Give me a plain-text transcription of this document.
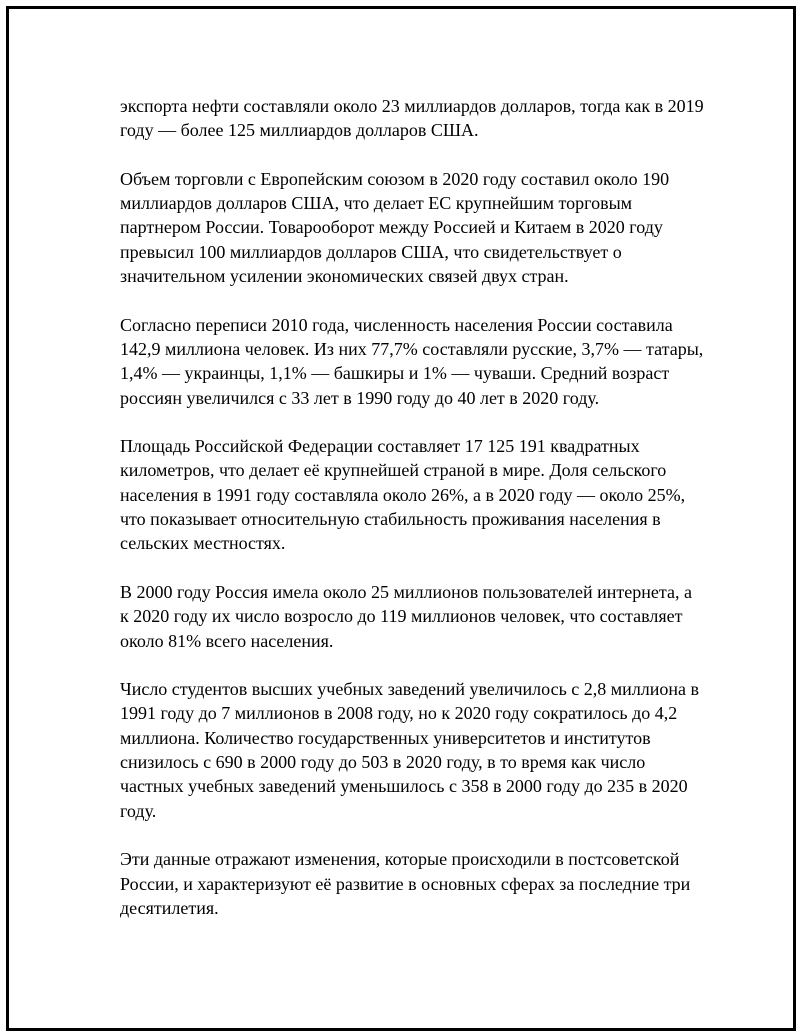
экспорта нефти составляли около 23 миллиардов долларов, тогда как в 2019 году — более 125 миллиардов долларов США.

Объем торговли с Европейским союзом в 2020 году составил около 190 миллиардов долларов США, что делает ЕС крупнейшим торговым партнером России. Товарооборот между Россией и Китаем в 2020 году превысил 100 миллиардов долларов США, что свидетельствует о значительном усилении экономических связей двух стран.

Согласно переписи 2010 года, численность населения России составила 142,9 миллиона человек. Из них 77,7% составляли русские, 3,7% — татары, 1,4% — украинцы, 1,1% — башкиры и 1% — чуваши. Средний возраст россиян увеличился с 33 лет в 1990 году до 40 лет в 2020 году.

Площадь Российской Федерации составляет 17 125 191 квадратных километров, что делает её крупнейшей страной в мире. Доля сельского населения в 1991 году составляла около 26%, а в 2020 году — около 25%, что показывает относительную стабильность проживания населения в сельских местностях.

В 2000 году Россия имела около 25 миллионов пользователей интернета, а к 2020 году их число возросло до 119 миллионов человек, что составляет около 81% всего населения.

Число студентов высших учебных заведений увеличилось с 2,8 миллиона в 1991 году до 7 миллионов в 2008 году, но к 2020 году сократилось до 4,2 миллиона. Количество государственных университетов и институтов снизилось с 690 в 2000 году до 503 в 2020 году, в то время как число частных учебных заведений уменьшилось с 358 в 2000 году до 235 в 2020 году.

Эти данные отражают изменения, которые происходили в постсоветской России, и характеризуют её развитие в основных сферах за последние три десятилетия.
